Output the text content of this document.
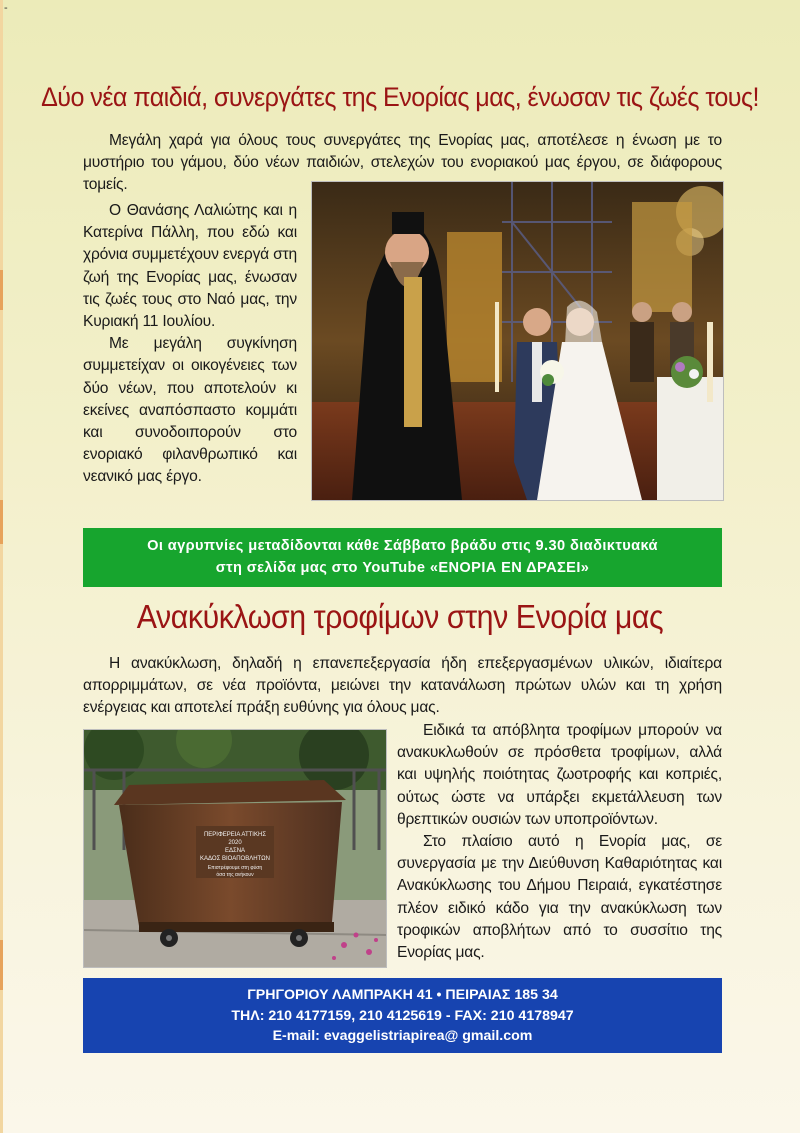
-
Δύο νέα παιδιά, συνεργάτες της Ενορίας μας, ένωσαν τις ζωές τους!

Μεγάλη χαρά για όλους τους συνεργάτες της Ενορίας μας, αποτέλεσε η ένωση με το μυστήριο του γάμου, δύο νέων παιδιών, στελεχών του ενοριακού μας έργου, σε διάφορους τομείς.

Ο Θανάσης Λαλιώτης και η Κατερίνα Πάλλη, που εδώ και χρόνια συμμετέχουν ενεργά στη ζωή της Ενορίας μας, ένωσαν τις ζωές τους στο Ναό μας, την Κυριακή 11 Ιουλίου.

Με μεγάλη συγκίνηση συμμετείχαν οι οικογένειες των δύο νέων, που αποτελούν κι εκείνες αναπόσπαστο κομμάτι και συνοδοιπορούν στο ενοριακό φιλανθρωπικό και νεανικό μας έργο.

Οι αγρυπνίες μεταδίδονται κάθε Σάββατο βράδυ στις 9.30 διαδικτυακά
στη σελίδα μας στο YouTube «ΕΝΟΡΙΑ ΕΝ ΔΡΑΣΕΙ»
Ανακύκλωση τροφίμων στην Ενορία μας

Η ανακύκλωση, δηλαδή η επανεπεξεργασία ήδη επεξεργασμένων υλικών, ιδιαίτερα απορριμμάτων, σε νέα προϊόντα, μειώνει την κατανάλωση πρώτων υλών και τη χρήση ενέργειας και αποτελεί πράξη ευθύνης για όλους μας.

ΠΕΡΙΦΕΡΕΙΑ ΑΤΤΙΚΗΣ
2020
ΕΔΣΝΑ
ΚΑΔΟΣ ΒΙΟΑΠΟΒΛΗΤΩΝ
Επιστρέφουμε στη φύση
όσα της ανήκουν

Ειδικά τα απόβλητα τροφίμων μπορούν να ανακυκλωθούν σε πρόσθετα τροφίμων, αλλά και υψηλής ποιότητας ζωοτροφής και κοπριές, ούτως ώστε να υπάρξει εκμετάλλευση των θρεπτικών ουσιών των υποπροϊόντων.

Στο πλαίσιο αυτό η Ενορία μας, σε συνεργασία με την Διεύθυνση Καθαριότητας και Ανακύκλωσης του Δήμου Πειραιά, εγκατέστησε πλέον ειδικό κάδο για την ανακύκλωση των τροφικών αποβλήτων από το συσσίτιο της Ενορίας μας.

ΓΡΗΓΟΡΙΟΥ ΛΑΜΠΡΑΚΗ 41 • ΠΕΙΡΑΙΑΣ 185 34
ΤΗΛ: 210 4177159, 210 4125619 - FAX: 210 4178947
E-mail: evaggelistriapirea@ gmail.com
